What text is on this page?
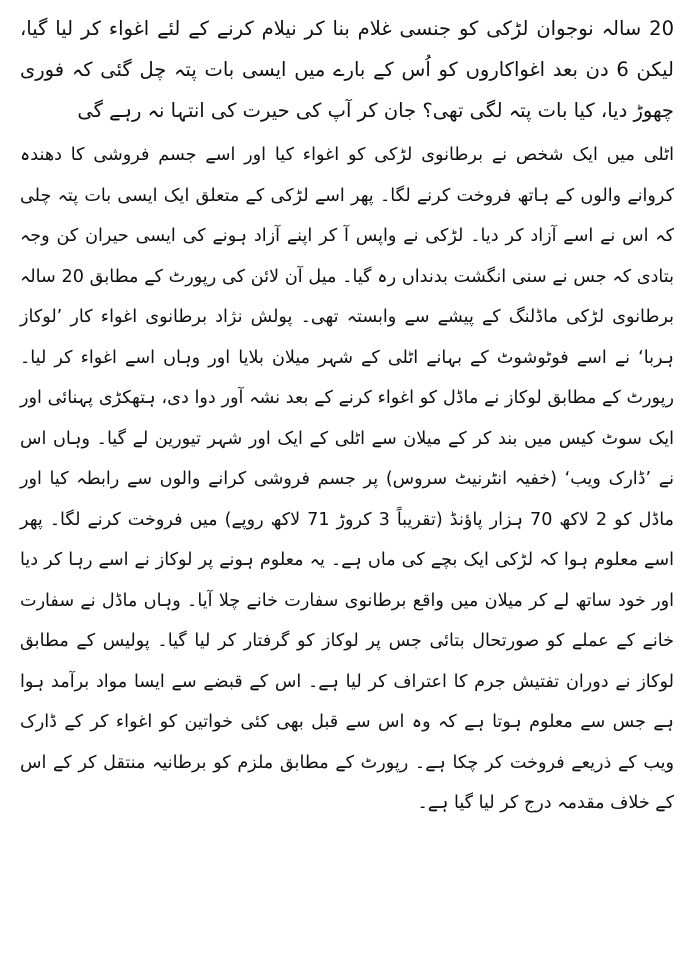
20 سالہ نوجوان لڑکی کو جنسی غلام بنا کر نیلام کرنے کے لئے اغواء کر لیا گیا، لیکن 6 دن بعد اغواکاروں کو اُس کے بارے میں ایسی بات پتہ چل گئی کہ فوری چھوڑ دیا، کیا بات پتہ لگی تھی؟ جان کر آپ کی حیرت کی انتہا نہ رہے گی

اٹلی میں ایک شخص نے برطانوی لڑکی کو اغواء کیا اور اسے جسم فروشی کا دھندہ کروانے والوں کے ہاتھ فروخت کرنے لگا۔ پھر اسے لڑکی کے متعلق ایک ایسی بات پتہ چلی کہ اس نے اسے آزاد کر دیا۔ لڑکی نے واپس آ کر اپنے آزاد ہونے کی ایسی حیران کن وجہ بتادی کہ جس نے سنی انگشت بدنداں رہ گیا۔ میل آن لائن کی رپورٹ کے مطابق 20 سالہ برطانوی لڑکی ماڈلنگ کے پیشے سے وابستہ تھی۔ پولش نژاد برطانوی اغواء کار ’لوکاز ہربا‘ نے اسے فوٹوشوٹ کے بہانے اٹلی کے شہر میلان بلایا اور وہاں اسے اغواء کر لیا۔ رپورٹ کے مطابق لوکاز نے ماڈل کو اغواء کرنے کے بعد نشہ آور دوا دی، ہتھکڑی پہنائی اور ایک سوٹ کیس میں بند کر کے میلان سے اٹلی کے ایک اور شہر تیورین لے گیا۔ وہاں اس نے ’ڈارک ویب‘ (خفیہ انٹرنیٹ سروس) پر جسم فروشی کرانے والوں سے رابطہ کیا اور ماڈل کو 2 لاکھ 70 ہزار پاؤنڈ (تقریباً 3 کروڑ 71 لاکھ روپے) میں فروخت کرنے لگا۔ پھر اسے معلوم ہوا کہ لڑکی ایک بچے کی ماں ہے۔ یہ معلوم ہونے پر لوکاز نے اسے رہا کر دیا اور خود ساتھ لے کر میلان میں واقع برطانوی سفارت خانے چلا آیا۔ وہاں ماڈل نے سفارت خانے کے عملے کو صورتحال بتائی جس پر لوکاز کو گرفتار کر لیا گیا۔ پولیس کے مطابق لوکاز نے دوران تفتیش جرم کا اعتراف کر لیا ہے۔ اس کے قبضے سے ایسا مواد برآمد ہوا ہے جس سے معلوم ہوتا ہے کہ وہ اس سے قبل بھی کئی خواتین کو اغواء کر کے ڈارک ویب کے ذریعے فروخت کر چکا ہے۔ رپورٹ کے مطابق ملزم کو برطانیہ منتقل کر کے اس کے خلاف مقدمہ درج کر لیا گیا ہے۔
